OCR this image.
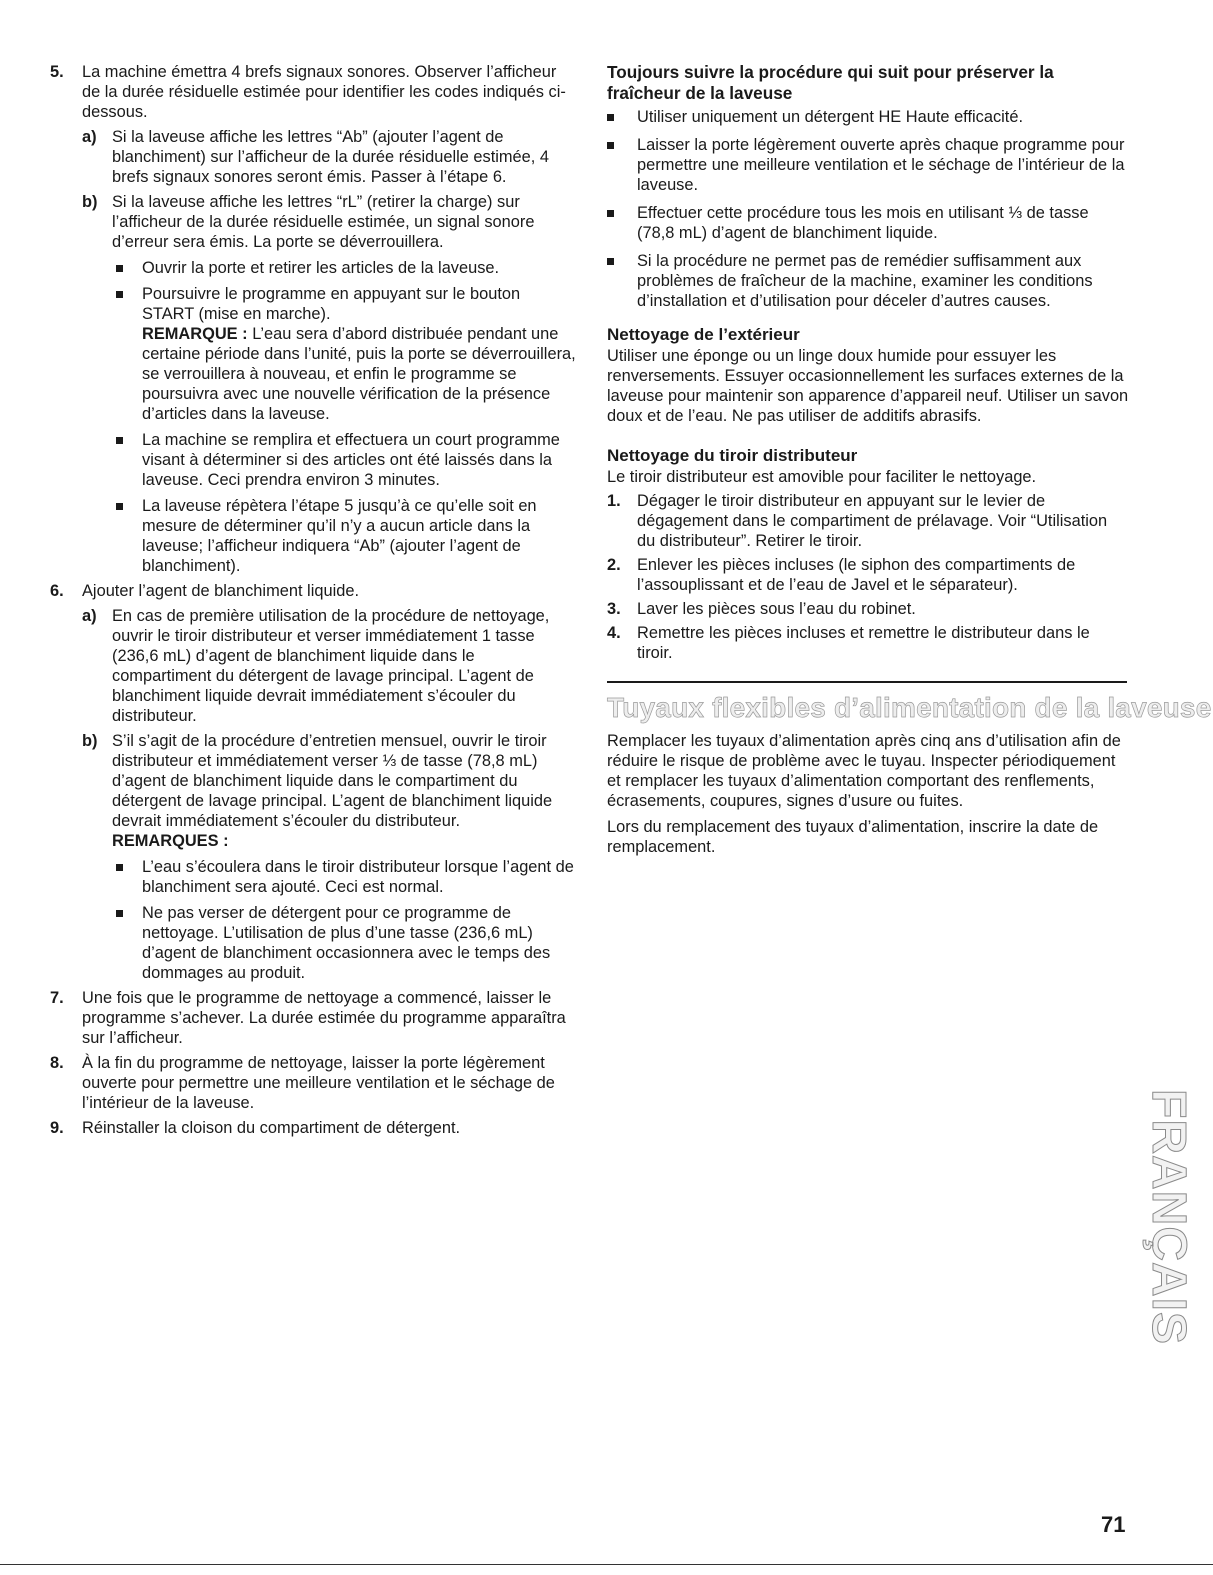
5.	La machine émettra 4 brefs signaux sonores. Observer l’afficheur de la durée résiduelle estimée pour identifier les codes indiqués ci-dessous.

a) Si la laveuse affiche les lettres “Ab” (ajouter l’agent de blanchiment) sur l’afficheur de la durée résiduelle estimée, 4 brefs signaux sonores seront émis. Passer à l’étape 6.

b) Si la laveuse affiche les lettres “rL” (retirer la charge) sur l’afficheur de la durée résiduelle estimée, un signal sonore d’erreur sera émis. La porte se déverrouillera.

Ouvrir la porte et retirer les articles de la laveuse.

Poursuivre le programme en appuyant sur le bouton START (mise en marche).

REMARQUE : L’eau sera d’abord distribuée pendant une certaine période dans l’unité, puis la porte se déverrouillera, se verrouillera à nouveau, et enfin le programme se poursuivra avec une nouvelle vérification de la présence d’articles dans la laveuse.

La machine se remplira et effectuera un court programme visant à déterminer si des articles ont été laissés dans la laveuse. Ceci prendra environ 3 minutes.

La laveuse répètera l’étape 5 jusqu’à ce qu’elle soit en mesure de déterminer qu’il n’y a aucun article dans la laveuse; l’afficheur indiquera “Ab” (ajouter l’agent de blanchiment).

6.	Ajouter l’agent de blanchiment liquide.

a) En cas de première utilisation de la procédure de nettoyage, ouvrir le tiroir distributeur et verser immédiatement 1 tasse (236,6 mL) d’agent de blanchiment liquide dans le compartiment du détergent de lavage principal. L’agent de blanchiment liquide devrait immédiatement s’écouler du distributeur.

b) S’il s’agit de la procédure d’entretien mensuel, ouvrir le tiroir distributeur et immédiatement verser ⅓ de tasse (78,8 mL) d’agent de blanchiment liquide dans le compartiment du détergent de lavage principal. L’agent de blanchiment liquide devrait immédiatement s’écouler du distributeur.

REMARQUES :

L’eau s’écoulera dans le tiroir distributeur lorsque l’agent de blanchiment sera ajouté. Ceci est normal.

Ne pas verser de détergent pour ce programme de nettoyage. L’utilisation de plus d’une tasse (236,6 mL) d’agent de blanchiment occasionnera avec le temps des dommages au produit.

7.	Une fois que le programme de nettoyage a commencé, laisser le programme s’achever. La durée estimée du programme apparaîtra sur l’afficheur.

8.	À la fin du programme de nettoyage, laisser la porte légèrement ouverte pour permettre une meilleure ventilation et le séchage de l’intérieur de la laveuse.

9.	Réinstaller la cloison du compartiment de détergent.

Toujours suivre la procédure qui suit pour préserver la fraîcheur de la laveuse

Utiliser uniquement un détergent HE Haute efficacité.

Laisser la porte légèrement ouverte après chaque programme pour permettre une meilleure ventilation et le séchage de l’intérieur de la laveuse.

Effectuer cette procédure tous les mois en utilisant ⅓ de tasse (78,8 mL) d’agent de blanchiment liquide.

Si la procédure ne permet pas de remédier suffisamment aux problèmes de fraîcheur de la machine, examiner les conditions d’installation et d’utilisation pour déceler d’autres causes.

Nettoyage de l’extérieur

Utiliser une éponge ou un linge doux humide pour essuyer les renversements. Essuyer occasionnellement les surfaces externes de la laveuse pour maintenir son apparence d’appareil neuf. Utiliser un savon doux et de l’eau. Ne pas utiliser de additifs abrasifs.

Nettoyage du tiroir distributeur

Le tiroir distributeur est amovible pour faciliter le nettoyage.

1. Dégager le tiroir distributeur en appuyant sur le levier de dégagement dans le compartiment de prélavage. Voir “Utilisation du distributeur”. Retirer le tiroir.

2. Enlever les pièces incluses (le siphon des compartiments de l’assouplissant et de l’eau de Javel et le séparateur).

3. Laver les pièces sous l’eau du robinet.

4. Remettre les pièces incluses et remettre le distributeur dans le tiroir.

Tuyaux flexibles d’alimentation de la laveuse

Remplacer les tuyaux d’alimentation après cinq ans d’utilisation afin de réduire le risque de problème avec le tuyau. Inspecter périodiquement et remplacer les tuyaux d’alimentation comportant des renflements, écrasements, coupures, signes d’usure ou fuites.

Lors du remplacement des tuyaux d’alimentation, inscrire la date de remplacement.

FRANÇAIS
71
